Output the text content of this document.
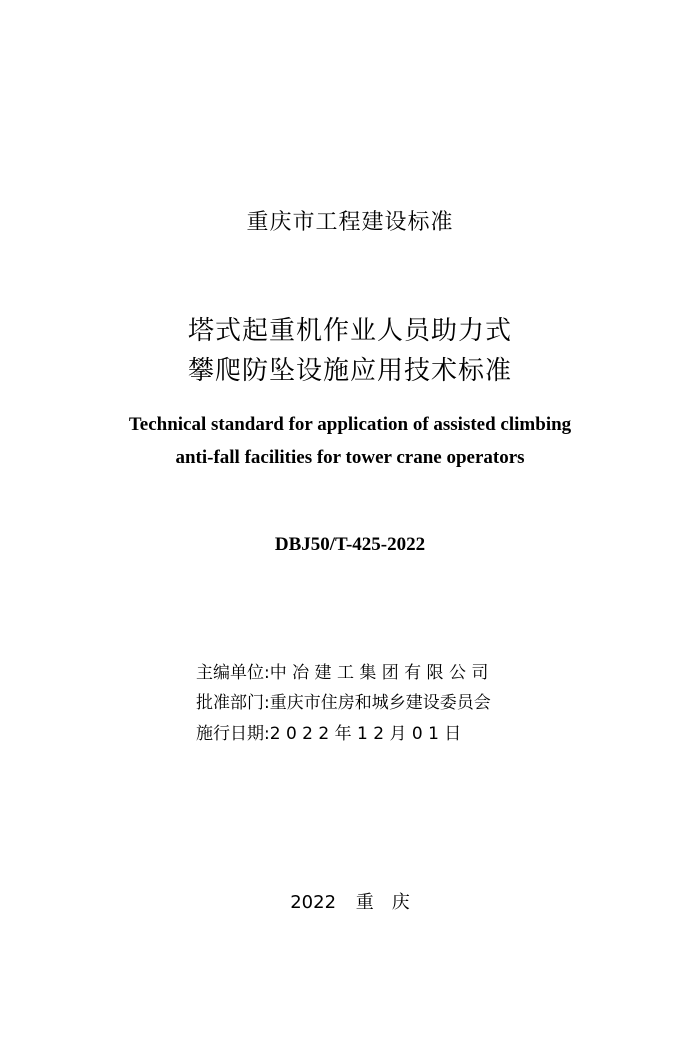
重庆市工程建设标准
塔式起重机作业人员助力式
攀爬防坠设施应用技术标准
Technical standard for application of assisted climbing
anti-fall facilities for tower crane operators
DBJ50/T-425-2022
主编单位:中 冶 建 工 集 团 有 限 公 司
批准部门:重庆市住房和城乡建设委员会
施行日期:2 0 2 2 年 1 2 月 0 1 日
2022 重　庆
